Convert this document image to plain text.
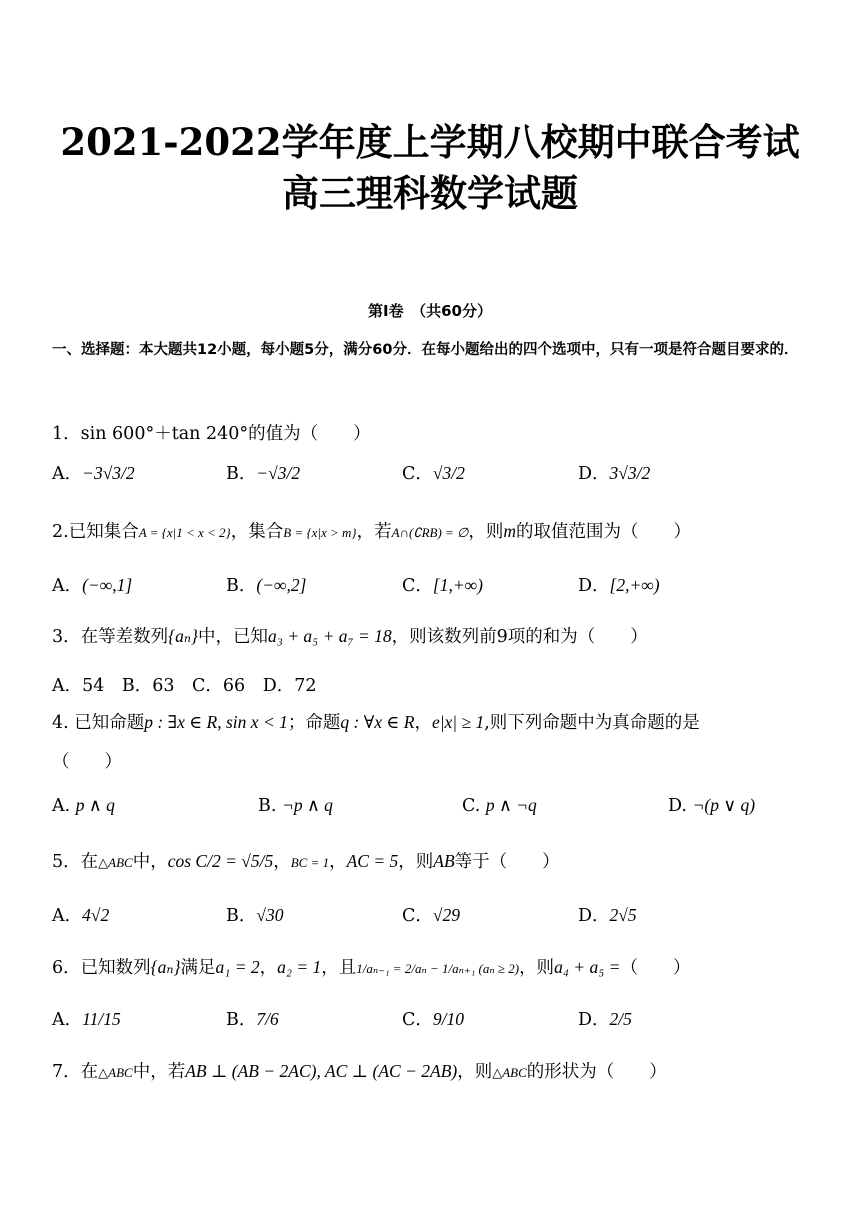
2021-2022学年度上学期八校期中联合考试
高三理科数学试题
第Ⅰ卷　（共60分）
一、选择题：本大题共12小题，每小题5分，满分60分．在每小题给出的四个选项中，只有一项是符合题目要求的．
1．sin 600°＋tan 240°的值为（　　）
A．−3√3/2	B．−√3/2	C．√3/2	D．3√3/2
2.已知集合A = {x|1 < x < 2}，集合B = {x|x > m}，若A∩(∁RB) = ∅，则m的取值范围为（　　）
A．(−∞,1]	B．(−∞,2]	C．[1,+∞)	D．[2,+∞)
3．在等差数列{aₙ}中，已知a₃ + a₅ + a₇ = 18，则该数列前9项的和为（　　）
A．54　B．63　C．66　D．72
4. 已知命题p : ∃x ∈ R, sin x < 1；命题q : ∀x ∈ R，e|x| ≥ 1,则下列命题中为真命题的是
（　　）
A. p ∧ q	B. ¬p ∧ q	C. p ∧ ¬q	D. ¬(p ∨ q)
5．在△ABC中，cos C/2 = √5/5，BC = 1，AC = 5，则AB等于（　　）
A．4√2	B．√30	C．√29	D．2√5
6．已知数列{aₙ}满足a₁ = 2，a₂ = 1，且1/aₙ₋₁ = 2/aₙ − 1/aₙ₊₁ (aₙ ≥ 2)，则a₄ + a₅ =（　　）
A．11/15	B．7/6	C．9/10	D．2/5
7．在△ABC中，若AB ⊥ (AB − 2AC), AC ⊥ (AC − 2AB)，则△ABC的形状为（　　）
